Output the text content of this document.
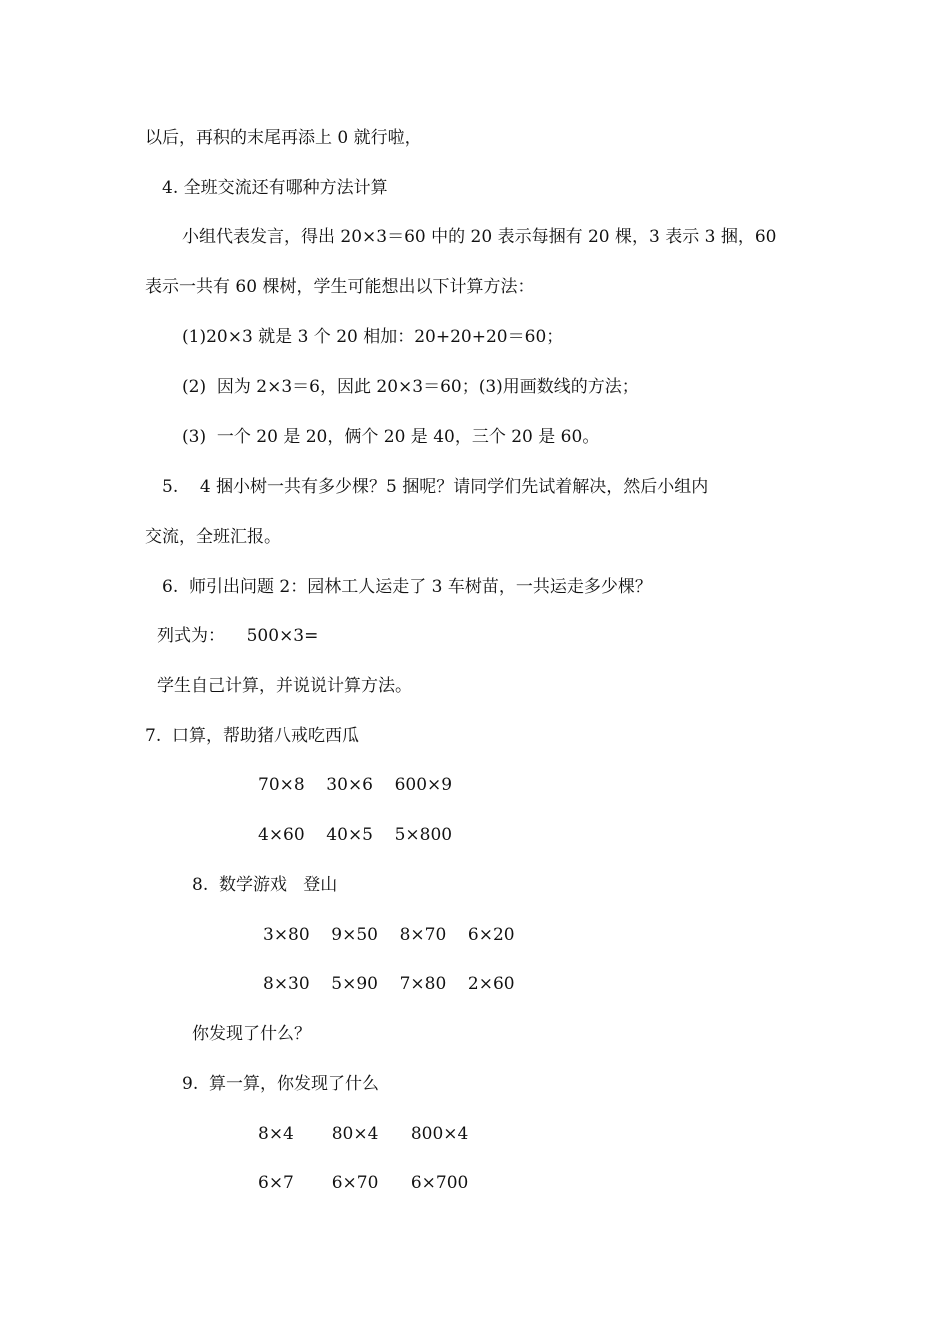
以后，再积的末尾再添上 0 就行啦，
4. 全班交流还有哪种方法计算
小组代表发言，得出 20×3＝60 中的 20 表示每捆有 20 棵，3 表示 3 捆，60
表示一共有 60 棵树，学生可能想出以下计算方法：
(1)20×3 就是 3 个 20 相加：20+20+20＝60；
(2)  因为 2×3＝6，因此 20×3＝60；(3)用画数线的方法；
(3)  一个 20 是 20，俩个 20 是 40，三个 20 是 60。
5.    4 捆小树一共有多少棵？5 捆呢？请同学们先试着解决，然后小组内
交流，全班汇报。
6.  师引出问题 2：园林工人运走了 3 车树苗，一共运走多少棵？
列式为：    500×3=
学生自己计算，并说说计算方法。
7.  口算，帮助猪八戒吃西瓜
70×8    30×6    600×9
4×60    40×5    5×800
8.  数学游戏   登山
3×80    9×50    8×70    6×20
8×30    5×90    7×80    2×60
你发现了什么？
9.  算一算，你发现了什么
8×4       80×4      800×4
6×7       6×70      6×700
